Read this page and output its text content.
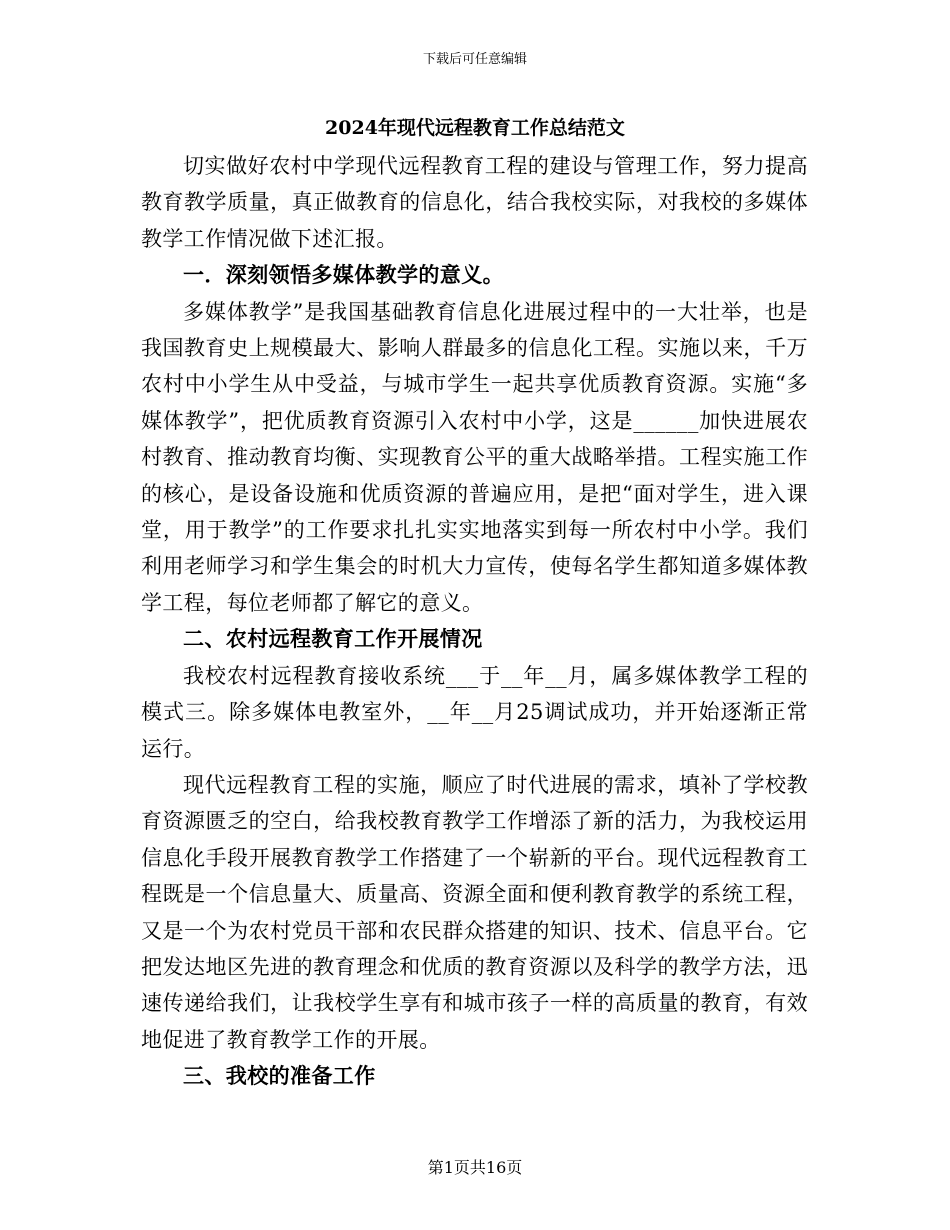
下载后可任意编辑
2024年现代远程教育工作总结范文

切实做好农村中学现代远程教育工程的建设与管理工作，努力提高教育教学质量，真正做教育的信息化，结合我校实际，对我校的多媒体教学工作情况做下述汇报。

一．深刻领悟多媒体教学的意义。

多媒体教学”是我国基础教育信息化进展过程中的一大壮举，也是我国教育史上规模最大、影响人群最多的信息化工程。实施以来，千万农村中小学生从中受益，与城市学生一起共享优质教育资源。实施“多媒体教学”，把优质教育资源引入农村中小学，这是______加快进展农村教育、推动教育均衡、实现教育公平的重大战略举措。工程实施工作的核心，是设备设施和优质资源的普遍应用，是把“面对学生，进入课堂，用于教学”的工作要求扎扎实实地落实到每一所农村中小学。我们利用老师学习和学生集会的时机大力宣传，使每名学生都知道多媒体教学工程，每位老师都了解它的意义。

二、农村远程教育工作开展情况

我校农村远程教育接收系统___于__年__月，属多媒体教学工程的模式三。除多媒体电教室外，__年__月25调试成功，并开始逐渐正常运行。

现代远程教育工程的实施，顺应了时代进展的需求，填补了学校教育资源匮乏的空白，给我校教育教学工作增添了新的活力，为我校运用信息化手段开展教育教学工作搭建了一个崭新的平台。现代远程教育工程既是一个信息量大、质量高、资源全面和便利教育教学的系统工程，又是一个为农村党员干部和农民群众搭建的知识、技术、信息平台。它把发达地区先进的教育理念和优质的教育资源以及科学的教学方法，迅速传递给我们，让我校学生享有和城市孩子一样的高质量的教育，有效地促进了教育教学工作的开展。

三、我校的准备工作

第1页共16页
